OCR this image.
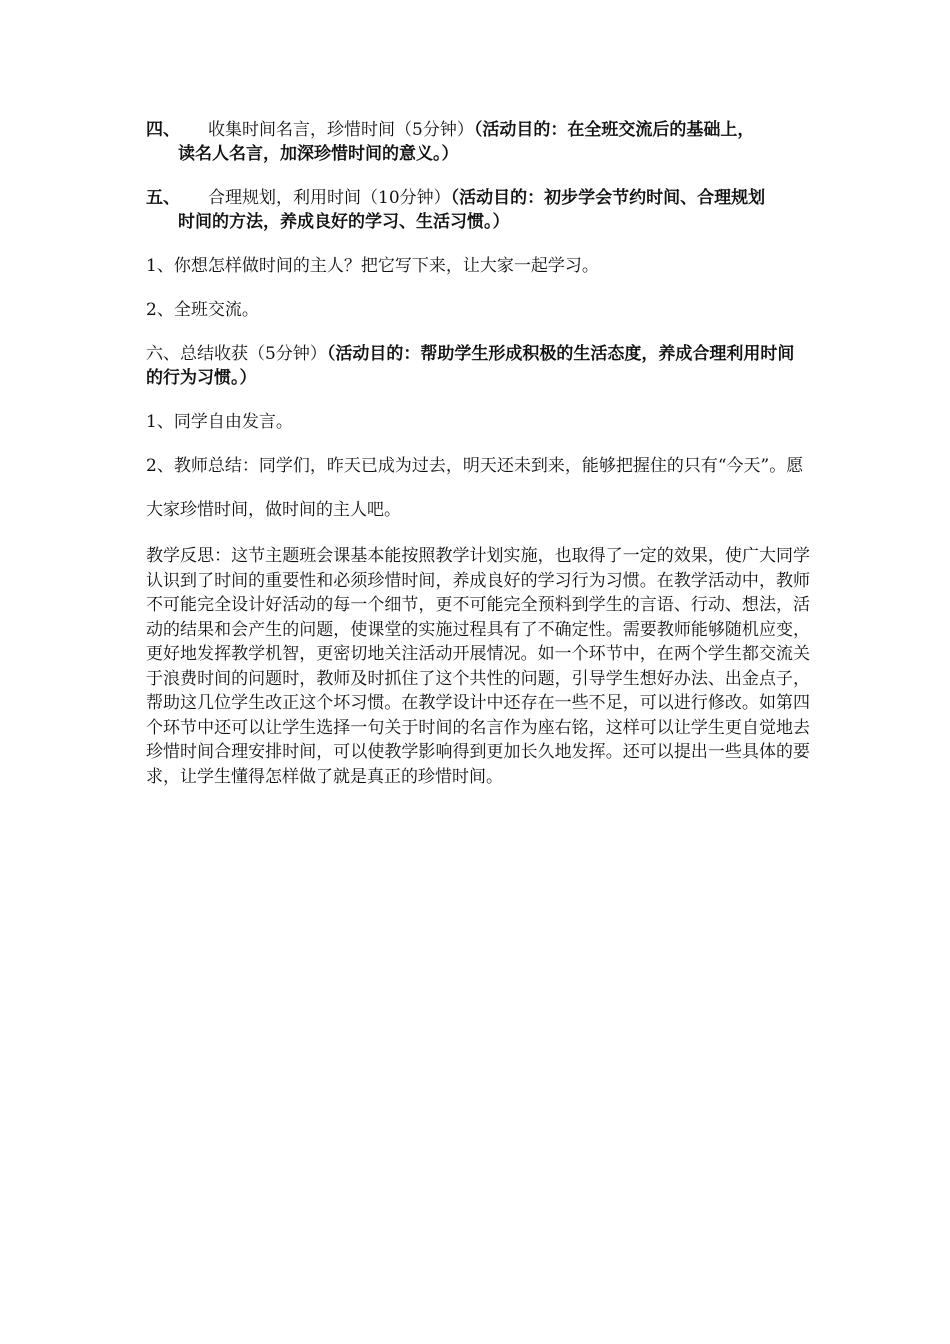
四、 收集时间名言，珍惜时间（5分钟）（活动目的：在全班交流后的基础上，
读名人名言，加深珍惜时间的意义。）
五、 合理规划，利用时间（10分钟）（活动目的：初步学会节约时间、合理规划
时间的方法，养成良好的学习、生活习惯。）

1、你想怎样做时间的主人？把它写下来，让大家一起学习。

2、全班交流。

六、总结收获（5分钟）（活动目的：帮助学生形成积极的生活态度，养成合理利用时间的行为习惯。）

1、同学自由发言。

2、教师总结：同学们，昨天已成为过去，明天还未到来，能够把握住的只有“今天”。愿大家珍惜时间，做时间的主人吧。

教学反思：这节主题班会课基本能按照教学计划实施，也取得了一定的效果，使广大同学认识到了时间的重要性和必须珍惜时间，养成良好的学习行为习惯。在教学活动中，教师不可能完全设计好活动的每一个细节，更不可能完全预料到学生的言语、行动、想法，活动的结果和会产生的问题，使课堂的实施过程具有了不确定性。需要教师能够随机应变，更好地发挥教学机智，更密切地关注活动开展情况。如一个环节中，在两个学生都交流关于浪费时间的问题时，教师及时抓住了这个共性的问题，引导学生想好办法、出金点子，帮助这几位学生改正这个坏习惯。在教学设计中还存在一些不足，可以进行修改。如第四个环节中还可以让学生选择一句关于时间的名言作为座右铭，这样可以让学生更自觉地去珍惜时间合理安排时间，可以使教学影响得到更加长久地发挥。还可以提出一些具体的要求，让学生懂得怎样做了就是真正的珍惜时间。
